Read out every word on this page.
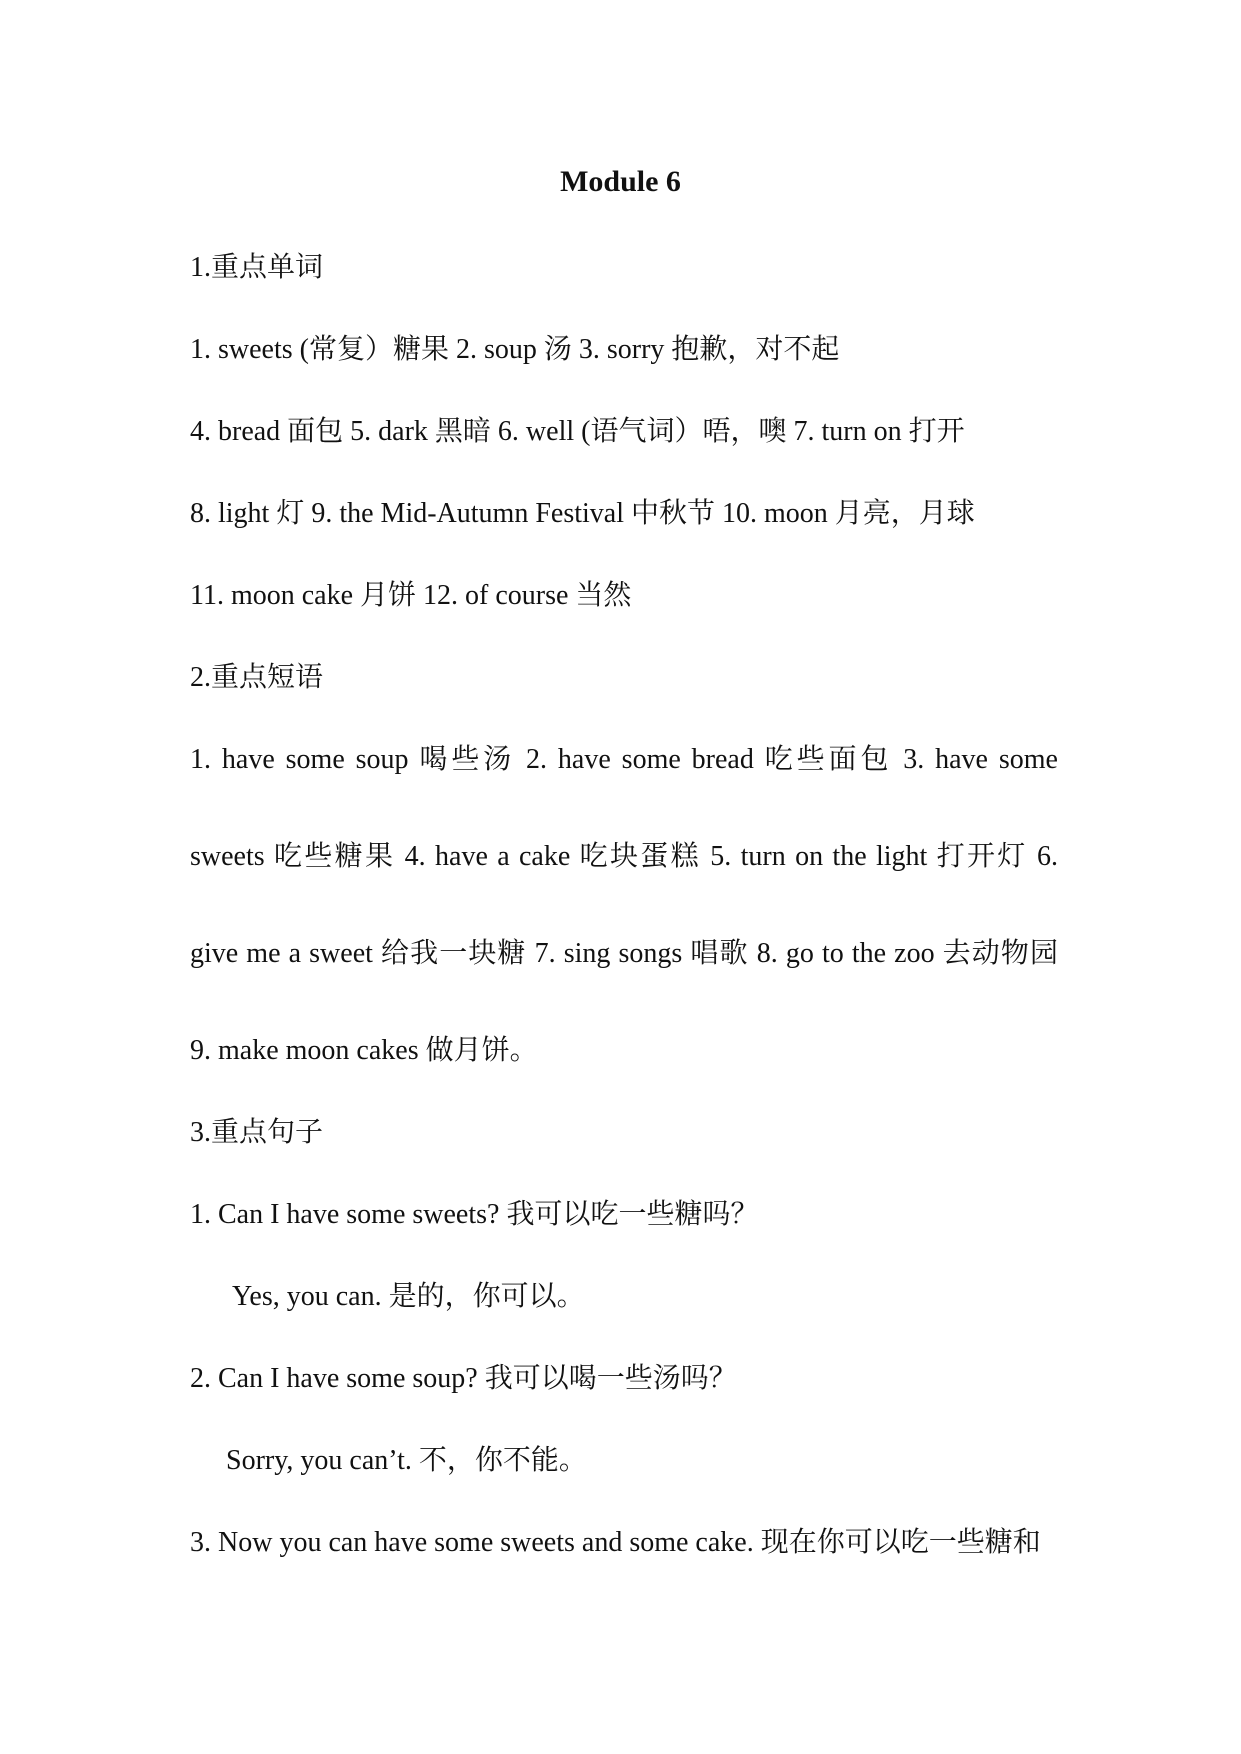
Module 6
1.重点单词
1. sweets (常复）糖果 2. soup 汤 3. sorry 抱歉，对不起
4. bread 面包 5. dark 黑暗 6. well (语气词）唔，噢 7. turn on 打开
8. light 灯 9. the Mid-Autumn Festival 中秋节 10. moon 月亮，月球
11. moon cake 月饼 12. of course 当然
2.重点短语
1. have some soup 喝些汤 2. have some bread 吃些面包 3. have some
sweets 吃些糖果 4. have a cake 吃块蛋糕 5. turn on the light 打开灯 6.
give me a sweet 给我一块糖 7. sing songs 唱歌 8. go to the zoo 去动物园
9. make moon cakes 做月饼。
3.重点句子
1. Can I have some sweets? 我可以吃一些糖吗？
Yes, you can. 是的，你可以。
2. Can I have some soup? 我可以喝一些汤吗？
Sorry, you can’t. 不，你不能。
3. Now you can have some sweets and some cake. 现在你可以吃一些糖和
